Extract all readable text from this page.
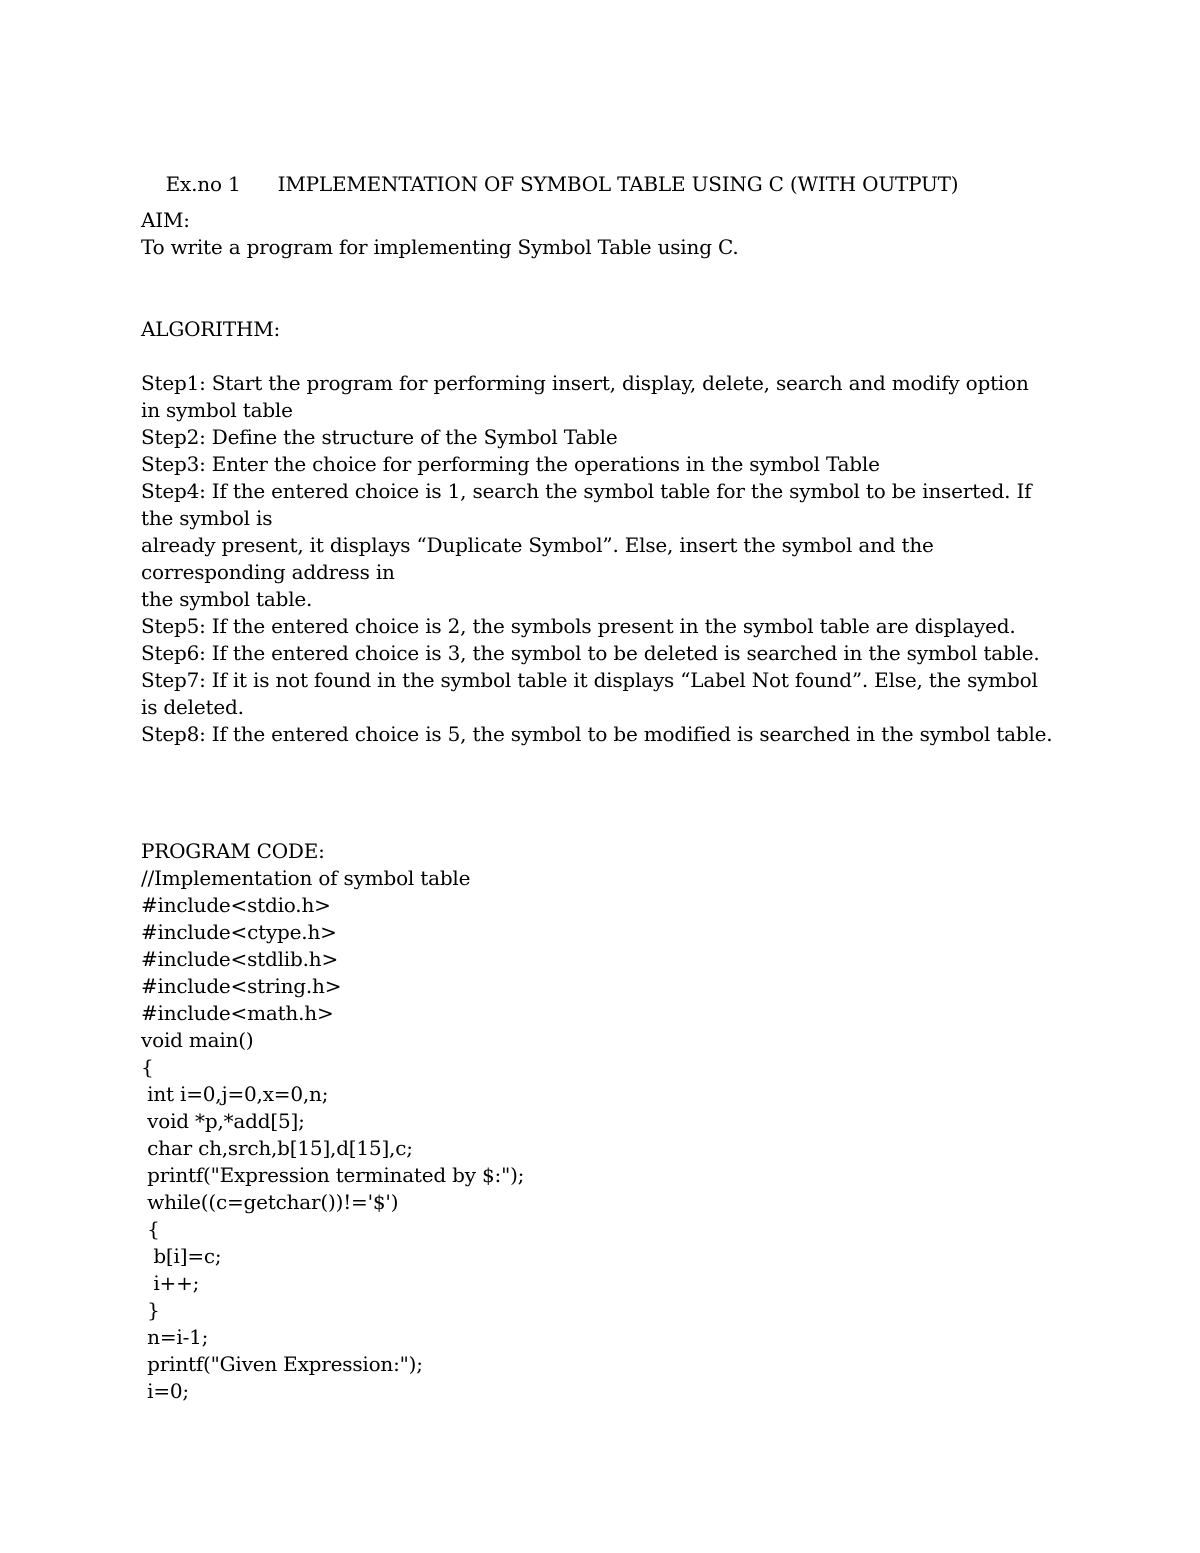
Ex.no 1 IMPLEMENTATION OF SYMBOL TABLE USING C (WITH OUTPUT)

AIM:
To write a program for implementing Symbol Table using C.
ALGORITHM:
Step1: Start the program for performing insert, display, delete, search and modify option
in symbol table
Step2: Define the structure of the Symbol Table
Step3: Enter the choice for performing the operations in the symbol Table
Step4: If the entered choice is 1, search the symbol table for the symbol to be inserted. If
the symbol is
already present, it displays “Duplicate Symbol”. Else, insert the symbol and the
corresponding address in
the symbol table.
Step5: If the entered choice is 2, the symbols present in the symbol table are displayed.
Step6: If the entered choice is 3, the symbol to be deleted is searched in the symbol table.
Step7: If it is not found in the symbol table it displays “Label Not found”. Else, the symbol
is deleted.
Step8: If the entered choice is 5, the symbol to be modified is searched in the symbol table.
PROGRAM CODE:
//Implementation of symbol table
#include<stdio.h>
#include<ctype.h>
#include<stdlib.h>
#include<string.h>
#include<math.h>
void main()
{
int i=0,j=0,x=0,n;
void *p,*add[5];
char ch,srch,b[15],d[15],c;
printf("Expression terminated by $:");
while((c=getchar())!='$')
{
b[i]=c;
i++;
}
n=i-1;
printf("Given Expression:");
i=0;
